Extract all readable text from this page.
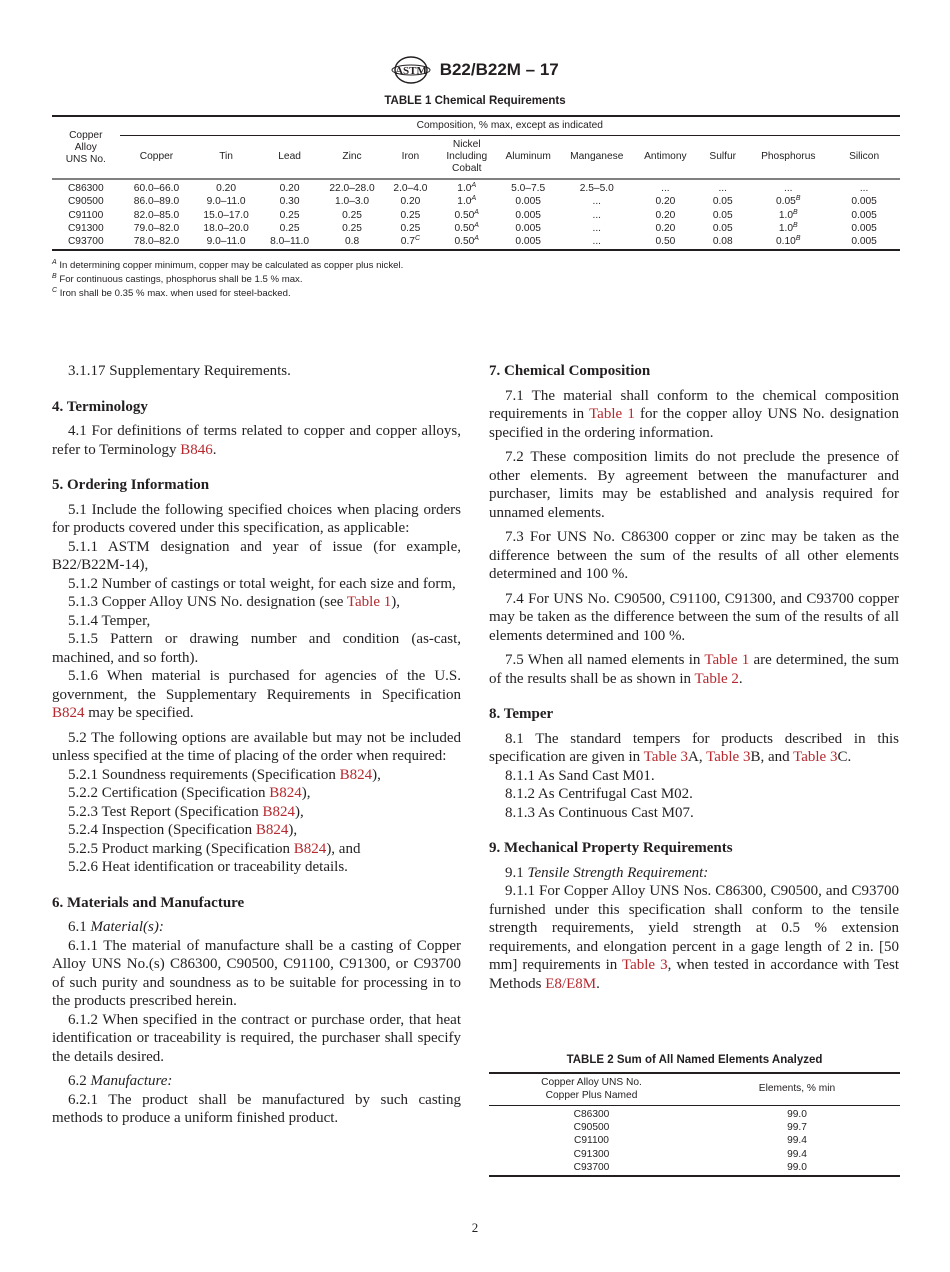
ASTM B22/B22M – 17
TABLE 1 Chemical Requirements
Copper
Alloy
UNS No.	Composition, % max, except as indicated											
	Copper	Tin	Lead	Zinc	Iron	Nickel
Including
Cobalt	Aluminum	Manganese	Antimony	Sulfur	Phosphorus	Silicon
C86300	60.0–66.0	0.20	0.20	22.0–28.0	2.0–4.0	$1.0^A$	5.0–7.5	2.5–5.0	...	...	...	...
C90500	86.0–89.0	9.0–11.0	0.30	1.0–3.0	0.20	$1.0^A$	0.005	...	0.20	0.05	$0.05^B$	0.005
C91100	82.0–85.0	15.0–17.0	0.25	0.25	0.25	$0.50^A$	0.005	...	0.20	0.05	$1.0^B$	0.005
C91300	79.0–82.0	18.0–20.0	0.25	0.25	0.25	$0.50^A$	0.005	...	0.20	0.05	$1.0^B$	0.005
C93700	78.0–82.0	9.0–11.0	8.0–11.0	0.8	$0.7^C$	$0.50^A$	0.005	...	0.50	0.08	$0.10^B$	0.005
$^A$ In determining copper minimum, copper may be calculated as copper plus nickel.
$^B$ For continuous castings, phosphorus shall be 1.5 % max.
$^C$ Iron shall be 0.35 % max. when used for steel-backed.

3.1.17 Supplementary Requirements.

4. Terminology

4.1 For definitions of terms related to copper and copper alloys, refer to Terminology B846.

5. Ordering Information

5.1 Include the following specified choices when placing orders for products covered under this specification, as applicable:

5.1.1 ASTM designation and year of issue (for example, B22/B22M-14),

5.1.2 Number of castings or total weight, for each size and form,

5.1.3 Copper Alloy UNS No. designation (see Table 1),

5.1.4 Temper,

5.1.5 Pattern or drawing number and condition (as-cast, machined, and so forth).

5.1.6 When material is purchased for agencies of the U.S. government, the Supplementary Requirements in Specification B824 may be specified.

5.2 The following options are available but may not be included unless specified at the time of placing of the order when required:

5.2.1 Soundness requirements (Specification B824),

5.2.2 Certification (Specification B824),

5.2.3 Test Report (Specification B824),

5.2.4 Inspection (Specification B824),

5.2.5 Product marking (Specification B824), and

5.2.6 Heat identification or traceability details.

6. Materials and Manufacture

6.1 Material(s):

6.1.1 The material of manufacture shall be a casting of Copper Alloy UNS No.(s) C86300, C90500, C91100, C91300, or C93700 of such purity and soundness as to be suitable for processing in to the products prescribed herein.

6.1.2 When specified in the contract or purchase order, that heat identification or traceability is required, the purchaser shall specify the details desired.

6.2 Manufacture:

6.2.1 The product shall be manufactured by such casting methods to produce a uniform finished product.

7. Chemical Composition

7.1 The material shall conform to the chemical composition requirements in Table 1 for the copper alloy UNS No. designation specified in the ordering information.

7.2 These composition limits do not preclude the presence of other elements. By agreement between the manufacturer and purchaser, limits may be established and analysis required for unnamed elements.

7.3 For UNS No. C86300 copper or zinc may be taken as the difference between the sum of the results of all other elements determined and 100 %.

7.4 For UNS No. C90500, C91100, C91300, and C93700 copper may be taken as the difference between the sum of the results of all elements determined and 100 %.

7.5 When all named elements in Table 1 are determined, the sum of the results shall be as shown in Table 2.

8. Temper

8.1 The standard tempers for products described in this specification are given in Table 3A, Table 3B, and Table 3C.

8.1.1 As Sand Cast M01.

8.1.2 As Centrifugal Cast M02.

8.1.3 As Continuous Cast M07.

9. Mechanical Property Requirements

9.1 Tensile Strength Requirement:

9.1.1 For Copper Alloy UNS Nos. C86300, C90500, and C93700 furnished under this specification shall conform to the tensile strength requirements, yield strength at 0.5 % extension requirements, and elongation percent in a gage length of 2 in. [50 mm] requirements in Table 3, when tested in accordance with Test Methods E8/E8M.

TABLE 2 Sum of All Named Elements Analyzed
Copper Alloy UNS No.
Copper Plus Named	Elements, % min
C86300	99.0
C90500	99.7
C91100	99.4
C91300	99.4
C93700	99.0
2
